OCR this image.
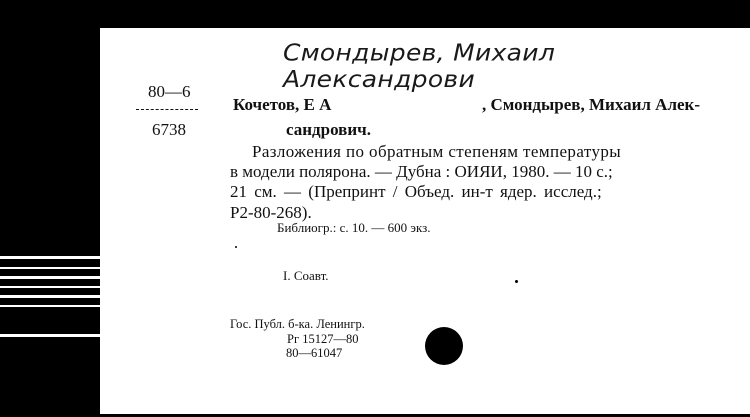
Смондырев, Михаил Александрови
80—6
6738
Кочетов, Е А	, Смондырев, Михаил Алек-
сандрович.
Разложения по обратным степеням температуры
в модели полярона. — Дубна : ОИЯИ, 1980. — 10 с.;
21 см. — (Препринт / Объед. ин-т ядер. исслед.;
Р2-80-268).
Библиогр.: с. 10. — 600 экз.
I. Соавт.
Гос. Публ. б-ка. Ленингр.
Рг 15127—80
80—61047
